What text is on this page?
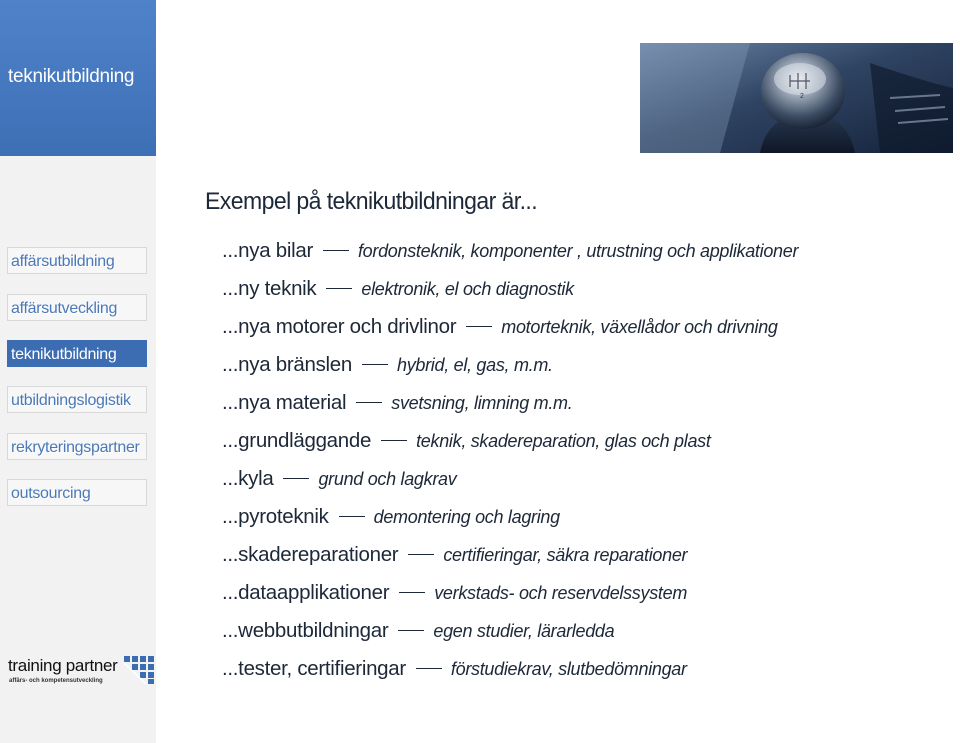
teknikutbildning
affärsutbildning
affärsutveckling
teknikutbildning
utbildningslogistik
rekryteringspartner
outsourcing
training partner
affärs- och kompetensutveckling
2
Exempel på teknikutbildningar är...
...nya bilar	fordonsteknik, komponenter , utrustning och applikationer
...ny teknik	elektronik, el och diagnostik
...nya motorer och drivlinor	motorteknik, växellådor och drivning
...nya bränslen	hybrid, el, gas, m.m.
...nya material	svetsning, limning m.m.
...grundläggande	teknik, skadereparation, glas och plast
...kyla	grund och lagkrav
...pyroteknik	demontering och lagring
...skadereparationer	certifieringar, säkra reparationer
...dataapplikationer	verkstads- och reservdelssystem
...webbutbildningar	egen studier, lärarledda
...tester, certifieringar	förstudiekrav, slutbedömningar
